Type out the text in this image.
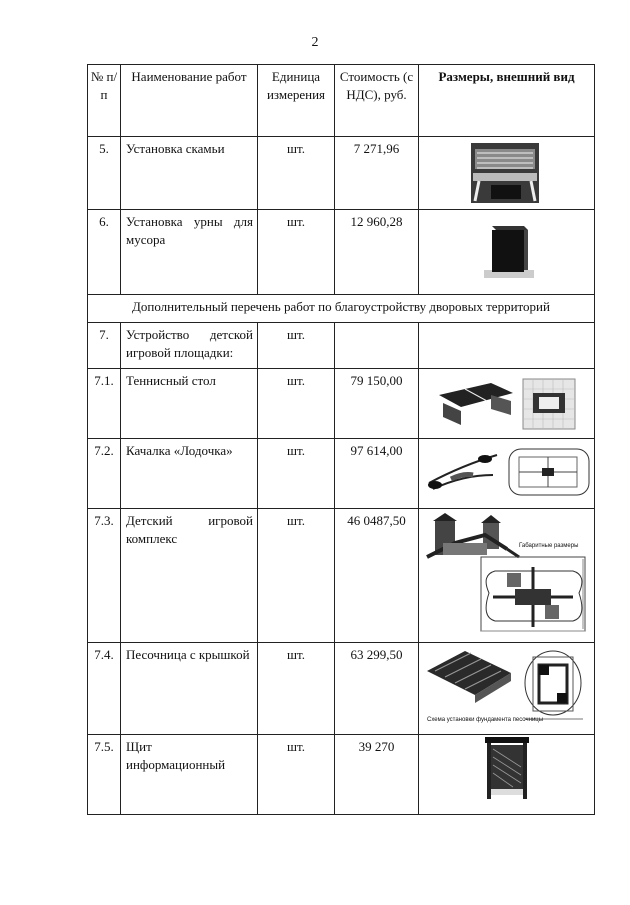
2
№ п/п	Наименование работ	Единица измерения	Стоимость (с НДС), руб.	Размеры, внешний вид
5.	Установка скамьи	шт.	7 271,96	

6.	Установка урны для мусора	шт.	12 960,28	

Дополнительный перечень работ по благоустройству дворовых территорий				
7.	Устройство детской игровой площадки:	шт.		
7.1.	Теннисный стол	шт.	79 150,00	

7.2.	Качалка «Лодочка»	шт.	97 614,00	

7.3.	Детский игровой комплекс	шт.	46 0487,50	Габаритные размеры

7.4.	Песочница с крышкой	шт.	63 299,50	Схема установки фундамента песочницы

7.5.	Щит информационный	шт.	39 270	
